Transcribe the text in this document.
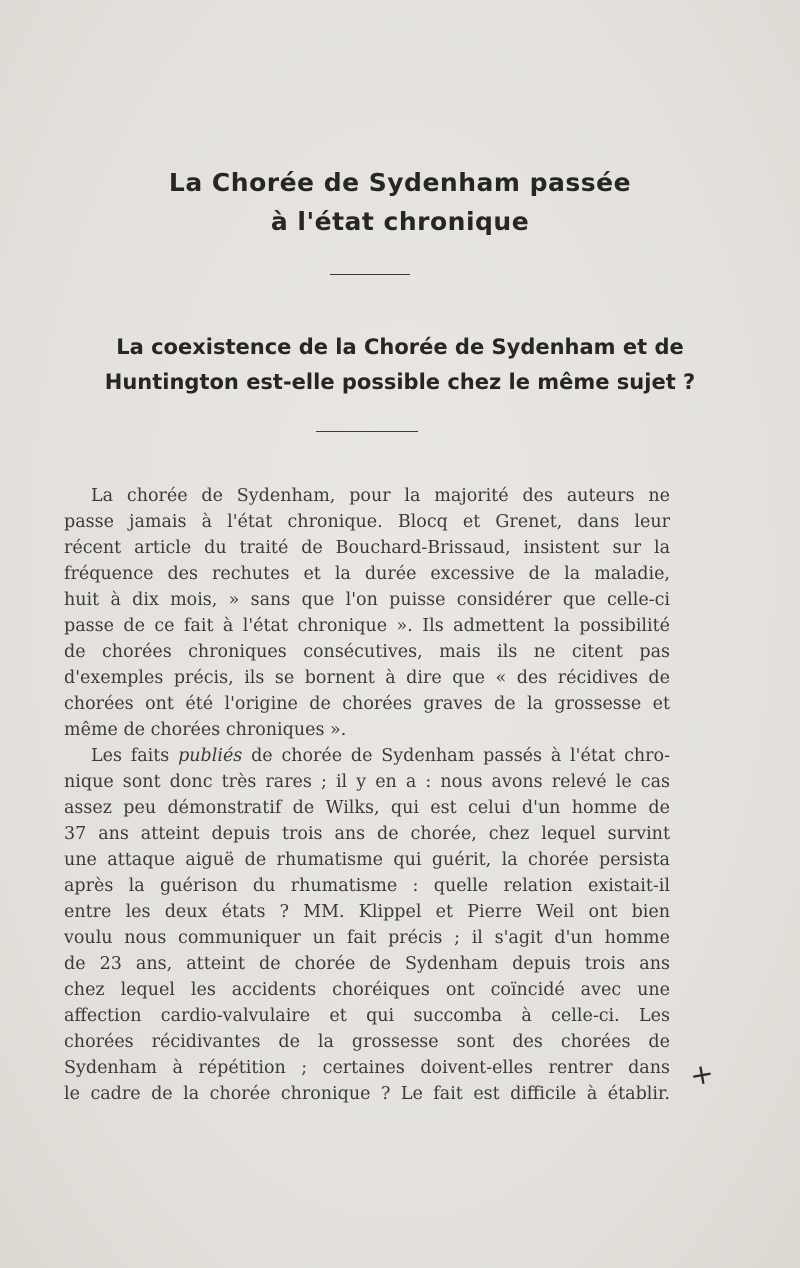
La Chorée de Sydenham passée
à l'état chronique
La coexistence de la Chorée de Sydenham et de
Huntington est-elle possible chez le même sujet ?

La chorée de Sydenham, pour la majorité des auteurs ne

passe jamais à l'état chronique. Blocq et Grenet, dans leur

récent article du traité de Bouchard-Brissaud, insistent sur la

fréquence des rechutes et la durée excessive de la maladie,

huit à dix mois, » sans que l'on puisse considérer que celle-ci

passe de ce fait à l'état chronique ». Ils admettent la possibilité

de chorées chroniques consécutives, mais ils ne citent pas

d'exemples précis, ils se bornent à dire que « des récidives de

chorées ont été l'origine de chorées graves de la grossesse et

même de chorées chroniques ».

Les faits publiés de chorée de Sydenham passés à l'état chro-

nique sont donc très rares ; il y en a : nous avons relevé le cas

assez peu démonstratif de Wilks, qui est celui d'un homme de

37 ans atteint depuis trois ans de chorée, chez lequel survint

une attaque aiguë de rhumatisme qui guérit, la chorée persista

après la guérison du rhumatisme : quelle relation existait-il

entre les deux états ? MM. Klippel et Pierre Weil ont bien

voulu nous communiquer un fait précis ; il s'agit d'un homme

de 23 ans, atteint de chorée de Sydenham depuis trois ans

chez lequel les accidents choréiques ont coïncidé avec une

affection cardio-valvulaire et qui succomba à celle-ci. Les

chorées récidivantes de la grossesse sont des chorées de

Sydenham à répétition ; certaines doivent-elles rentrer dans

le cadre de la chorée chronique ? Le fait est difficile à établir.

+
